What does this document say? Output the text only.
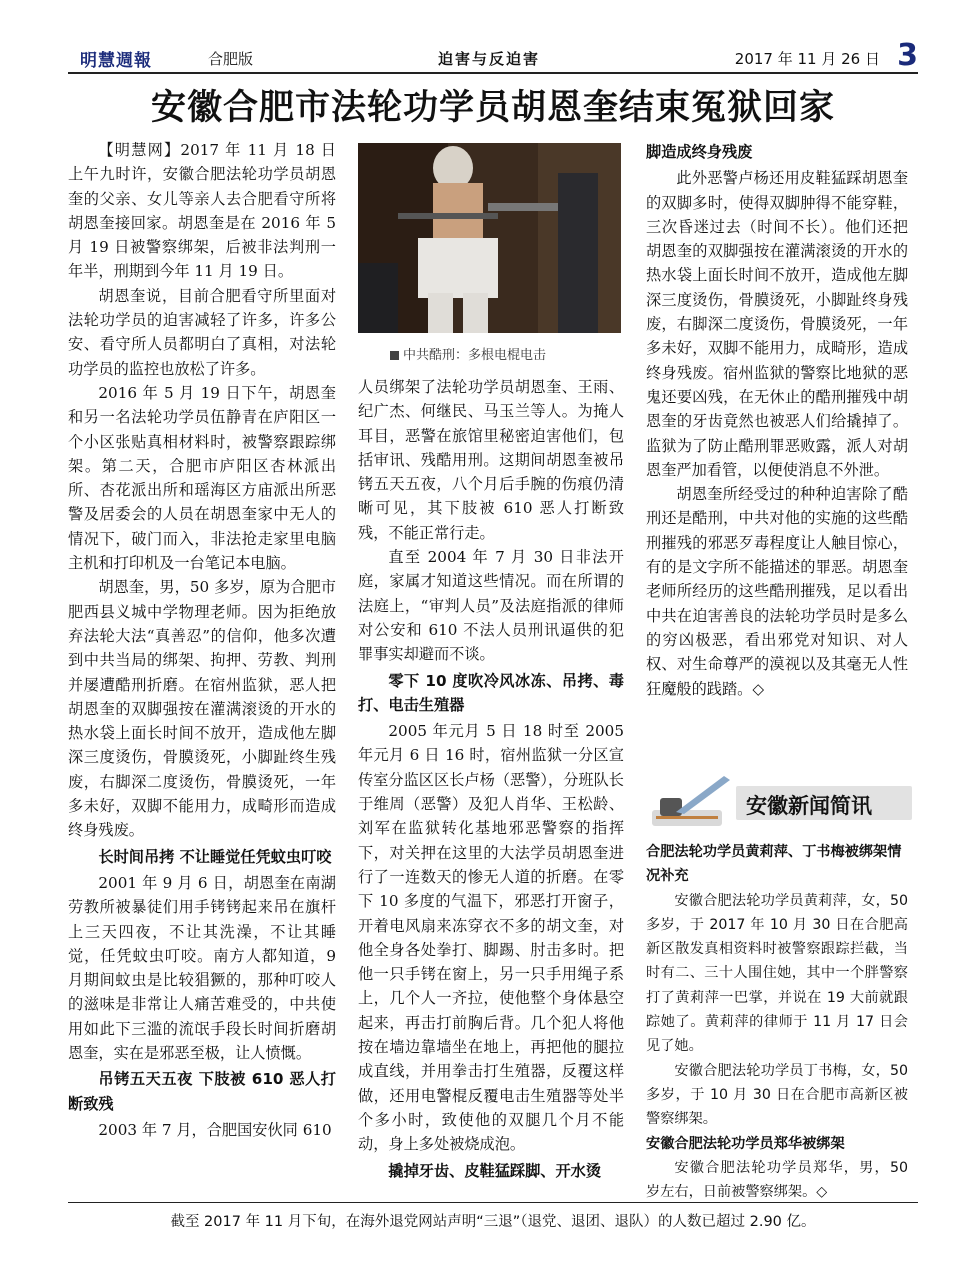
明慧週報	合肥版	迫害与反迫害	2017 年 11 月 26 日 3
安徽合肥市法轮功学员胡恩奎结束冤狱回家

【明慧网】2017 年 11 月 18 日上午九时许，安徽合肥法轮功学员胡恩奎的父亲、女儿等亲人去合肥看守所将胡恩奎接回家。胡恩奎是在 2016 年 5 月 19 日被警察绑架，后被非法判刑一年半，刑期到今年 11 月 19 日。

胡恩奎说，目前合肥看守所里面对法轮功学员的迫害减轻了许多，许多公安、看守所人员都明白了真相，对法轮功学员的监控也放松了许多。

2016 年 5 月 19 日下午，胡恩奎和另一名法轮功学员伍静青在庐阳区一个小区张贴真相材料时，被警察跟踪绑架。第二天，合肥市庐阳区杏林派出所、杏花派出所和瑶海区方庙派出所恶警及居委会的人员在胡恩奎家中无人的情况下，破门而入，非法抢走家里电脑主机和打印机及一台笔记本电脑。

胡恩奎，男，50 多岁，原为合肥市肥西县义城中学物理老师。因为拒绝放弃法轮大法“真善忍”的信仰，他多次遭到中共当局的绑架、拘押、劳教、判刑并屡遭酷刑折磨。在宿州监狱，恶人把胡恩奎的双脚强按在灌满滚烫的开水的热水袋上面长时间不放开，造成他左脚深三度烫伤，骨膜烫死，小脚趾终生残废，右脚深二度烫伤，骨膜烫死，一年多未好，双脚不能用力，成畸形而造成终身残废。

长时间吊拷 不让睡觉任凭蚊虫叮咬

2001 年 9 月 6 日，胡恩奎在南湖劳教所被暴徒们用手铐铐起来吊在旗杆上三天四夜，不让其洗澡，不让其睡觉，任凭蚊虫叮咬。南方人都知道，9 月期间蚊虫是比较猖獗的，那种叮咬人的滋味是非常让人痛苦难受的，中共使用如此下三滥的流氓手段长时间折磨胡恩奎，实在是邪恶至极，让人愤慨。

吊铐五天五夜 下肢被 610 恶人打断致残

2003 年 7 月，合肥国安伙同 610

中共酷刑：多根电棍电击

人员绑架了法轮功学员胡恩奎、王雨、纪广杰、何继民、马玉兰等人。为掩人耳目，恶警在旅馆里秘密迫害他们，包括审讯、残酷用刑。这期间胡恩奎被吊铐五天五夜，八个月后手腕的伤痕仍清晰可见，其下肢被 610 恶人打断致残，不能正常行走。

直至 2004 年 7 月 30 日非法开庭，家属才知道这些情况。而在所谓的法庭上，“审判人员”及法庭指派的律师对公安和 610 不法人员刑讯逼供的犯罪事实却避而不谈。

零下 10 度吹冷风冰冻、吊拷、毒打、电击生殖器

2005 年元月 5 日 18 时至 2005 年元月 6 日 16 时，宿州监狱一分区宣传室分监区区长卢杨（恶警），分班队长于维周（恶警）及犯人肖华、王松龄、刘军在监狱转化基地邪恶警察的指挥下，对关押在这里的大法学员胡恩奎进行了一连数天的惨无人道的折磨。在零下 10 多度的气温下，邪恶打开窗子，开着电风扇来冻穿衣不多的胡文奎，对他全身各处拳打、脚踢、肘击多时。把他一只手铐在窗上，另一只手用绳子系上，几个人一齐拉，使他整个身体悬空起来，再击打前胸后背。几个犯人将他按在墙边靠墙坐在地上，再把他的腿拉成直线，并用拳击打生殖器，反覆这样做，还用电警棍反覆电击生殖器等处半个多小时，致使他的双腿几个月不能动，身上多处被烧成泡。

撬掉牙齿、皮鞋猛踩脚、开水烫
脚造成终身残废

此外恶警卢杨还用皮鞋猛踩胡恩奎的双脚多时，使得双脚肿得不能穿鞋，三次昏迷过去（时间不长）。他们还把胡恩奎的双脚强按在灌满滚烫的开水的热水袋上面长时间不放开，造成他左脚深三度烫伤，骨膜烫死，小脚趾终身残废，右脚深二度烫伤，骨膜烫死，一年多未好，双脚不能用力，成畸形，造成终身残废。宿州监狱的警察比地狱的恶鬼还要凶残，在无休止的酷刑摧残中胡恩奎的牙齿竟然也被恶人们给撬掉了。监狱为了防止酷刑罪恶败露，派人对胡恩奎严加看管，以便使消息不外泄。

胡恩奎所经受过的种种迫害除了酷刑还是酷刑，中共对他的实施的这些酷刑摧残的邪恶歹毒程度让人触目惊心，有的是文字所不能描述的罪恶。胡恩奎老师所经历的这些酷刑摧残，足以看出中共在迫害善良的法轮功学员时是多么的穷凶极恶，看出邪党对知识、对人权、对生命尊严的漠视以及其毫无人性狂魔般的践踏。◇

安徽新闻简讯
合肥法轮功学员黄莉萍、丁书梅被绑架情况补充

安徽合肥法轮功学员黄莉萍，女，50 多岁，于 2017 年 10 月 30 日在合肥高新区散发真相资料时被警察跟踪拦截，当时有二、三十人围住她，其中一个胖警察打了黄莉萍一巴掌，并说在 19 大前就跟踪她了。黄莉萍的律师于 11 月 17 日会见了她。

安徽合肥法轮功学员丁书梅，女，50 多岁，于 10 月 30 日在合肥市高新区被警察绑架。

安徽合肥法轮功学员郑华被绑架

安徽合肥法轮功学员郑华，男，50 岁左右，日前被警察绑架。◇

截至 2017 年 11 月下旬，在海外退党网站声明“三退”（退党、退团、退队）的人数已超过 2.90 亿。
